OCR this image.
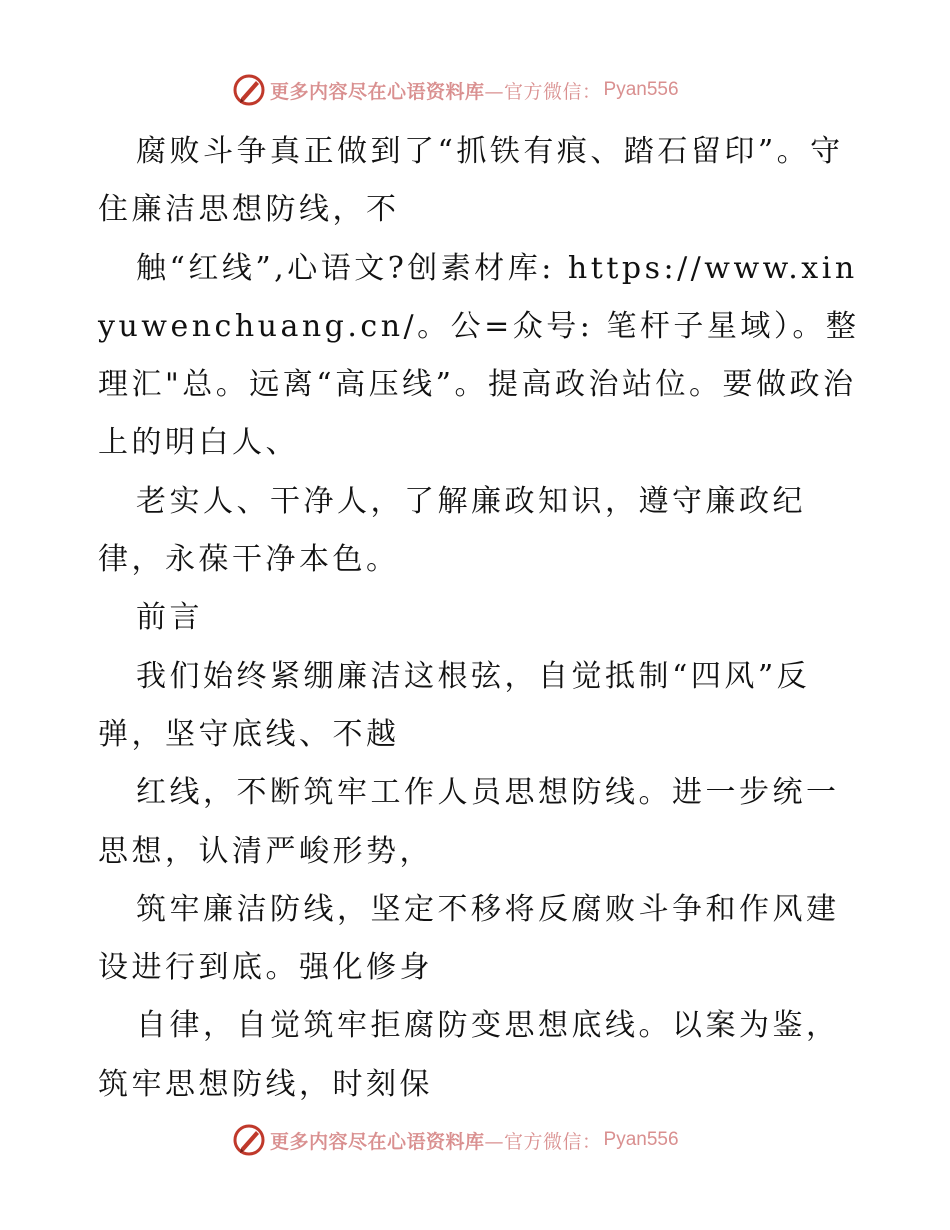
更多内容尽在心语资料库 —官方微信： Pyan556

腐败斗争真正做到了“抓铁有痕、踏石留印”。守住廉洁思想防线，不

触“红线”,心语文?创素材库: https://www.xinyuwenchuang.cn/。公=众号: 笔杆子星域）。整理汇"总。远离“高压线”。提高政治站位。要做政治上的明白人、

老实人、干净人，了解廉政知识，遵守廉政纪律，永葆干净本色。

前言

我们始终紧绷廉洁这根弦，自觉抵制“四风”反弹，坚守底线、不越

红线，不断筑牢工作人员思想防线。进一步统一思想，认清严峻形势，

筑牢廉洁防线，坚定不移将反腐败斗争和作风建设进行到底。强化修身

自律，自觉筑牢拒腐防变思想底线。以案为鉴，筑牢思想防线，时刻保

更多内容尽在心语资料库 —官方微信： Pyan556
